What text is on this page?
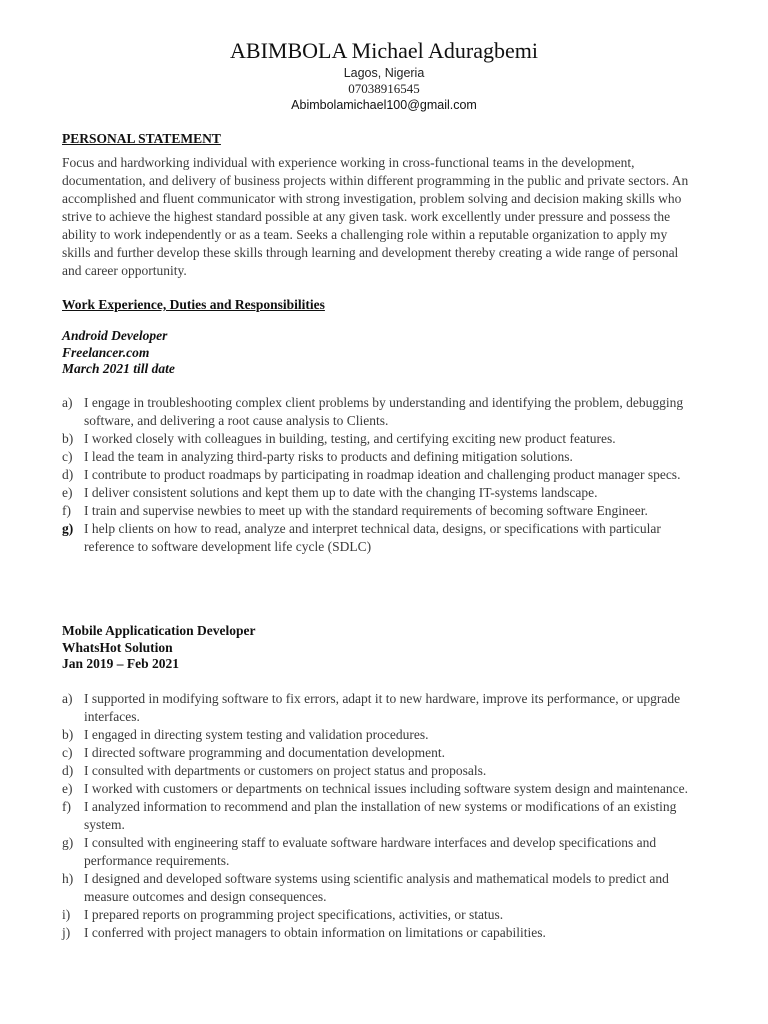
ABIMBOLA Michael Aduragbemi
Lagos, Nigeria
07038916545
Abimbolamichael100@gmail.com
PERSONAL STATEMENT
Focus and hardworking individual with experience working in cross-functional teams in the development, documentation, and delivery of business projects within different programming in the public and private sectors. An accomplished and fluent communicator with strong investigation, problem solving and decision making skills who strive to achieve the highest standard possible at any given task. work excellently under pressure and possess the ability to work independently or as a team. Seeks a challenging role within a reputable organization to apply my skills and further develop these skills through learning and development thereby creating a wide range of personal and career opportunity.
Work Experience, Duties and Responsibilities
Android Developer
Freelancer.com
March 2021 till date
a) I engage in troubleshooting complex client problems by understanding and identifying the problem, debugging software, and delivering a root cause analysis to Clients.
b) I worked closely with colleagues in building, testing, and certifying exciting new product features.
c) I lead the team in analyzing third-party risks to products and defining mitigation solutions.
d) I contribute to product roadmaps by participating in roadmap ideation and challenging product manager specs.
e) I deliver consistent solutions and kept them up to date with the changing IT-systems landscape.
f) I train and supervise newbies to meet up with the standard requirements of becoming software Engineer.
g) I help clients on how to read, analyze and interpret technical data, designs, or specifications with particular reference to software development life cycle (SDLC)
Mobile Applicatication Developer
WhatsHot Solution
Jan 2019 – Feb 2021
a) I supported in modifying software to fix errors, adapt it to new hardware, improve its performance, or upgrade interfaces.
b) I engaged in directing system testing and validation procedures.
c) I directed software programming and documentation development.
d) I consulted with departments or customers on project status and proposals.
e) I worked with customers or departments on technical issues including software system design and maintenance.
f) I analyzed information to recommend and plan the installation of new systems or modifications of an existing system.
g) I consulted with engineering staff to evaluate software hardware interfaces and develop specifications and performance requirements.
h) I designed and developed software systems using scientific analysis and mathematical models to predict and measure outcomes and design consequences.
i) I prepared reports on programming project specifications, activities, or status.
j) I conferred with project managers to obtain information on limitations or capabilities.
